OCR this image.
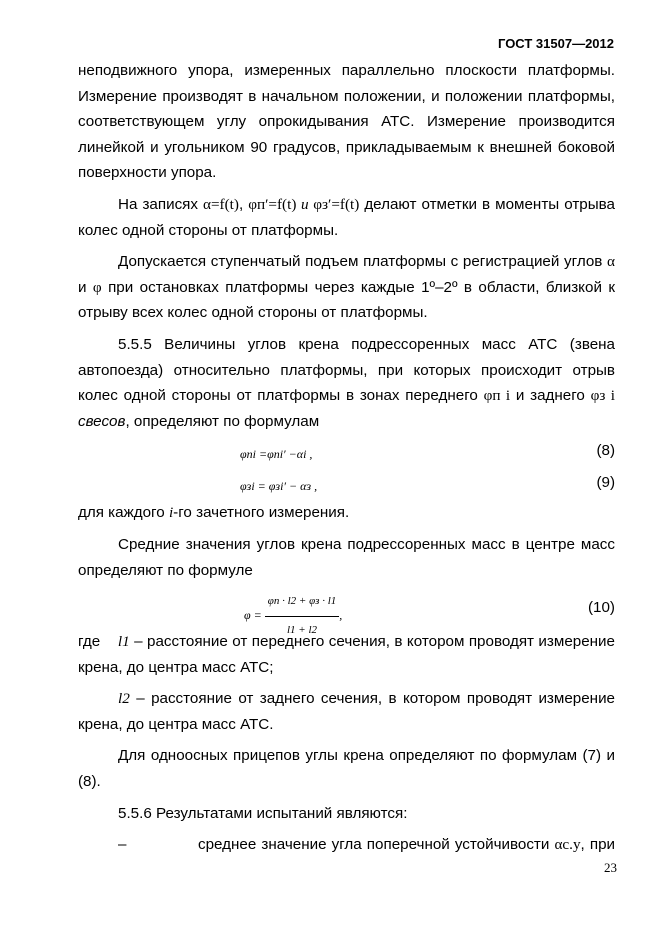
ГОСТ 31507—2012

неподвижного упора, измеренных параллельно плоскости платформы. Измерение производят в начальном положении, и положении платформы, соответствующем углу опрокидывания АТС. Измерение производится линейкой и угольником 90 градусов, прикладываемым к внешней боковой поверхности упора.

На записях α=f(t), φп′=f(t) и φз′=f(t) делают отметки в моменты отрыва колес одной стороны от платформы.

Допускается ступенчатый подъем платформы с регистрацией углов α и φ при остановках платформы через каждые 1º–2º в области, близкой к отрыву всех колес одной стороны от платформы.

5.5.5 Величины углов крена подрессоренных масс АТС (звена автопоезда) относительно платформы, при которых происходит отрыв колес одной стороны от платформы в зонах переднего φп i и заднего φз i свесов, определяют по формулам

φпi =φпi′ −αi ,	(8)
φзi = φзi′ − αз ,	(9)

для каждого i-го зачетного измерения.

Средние значения углов крена подрессоренных масс в центре масс определяют по формуле

$\varphi = \frac{\varphi п \cdot l2 + \varphi з \cdot l1}{l1 + l2}$ ,	(10)

где    l1 – расстояние от переднего сечения, в котором проводят измерение крена, до центра масс АТС;

l2 – расстояние от заднего сечения, в котором проводят измерение крена, до центра масс АТС.

Для одноосных прицепов углы крена определяют по формулам (7) и (8).

5.5.6 Результатами испытаний являются:

–	среднее значение угла поперечной устойчивости αс.у, при
23
